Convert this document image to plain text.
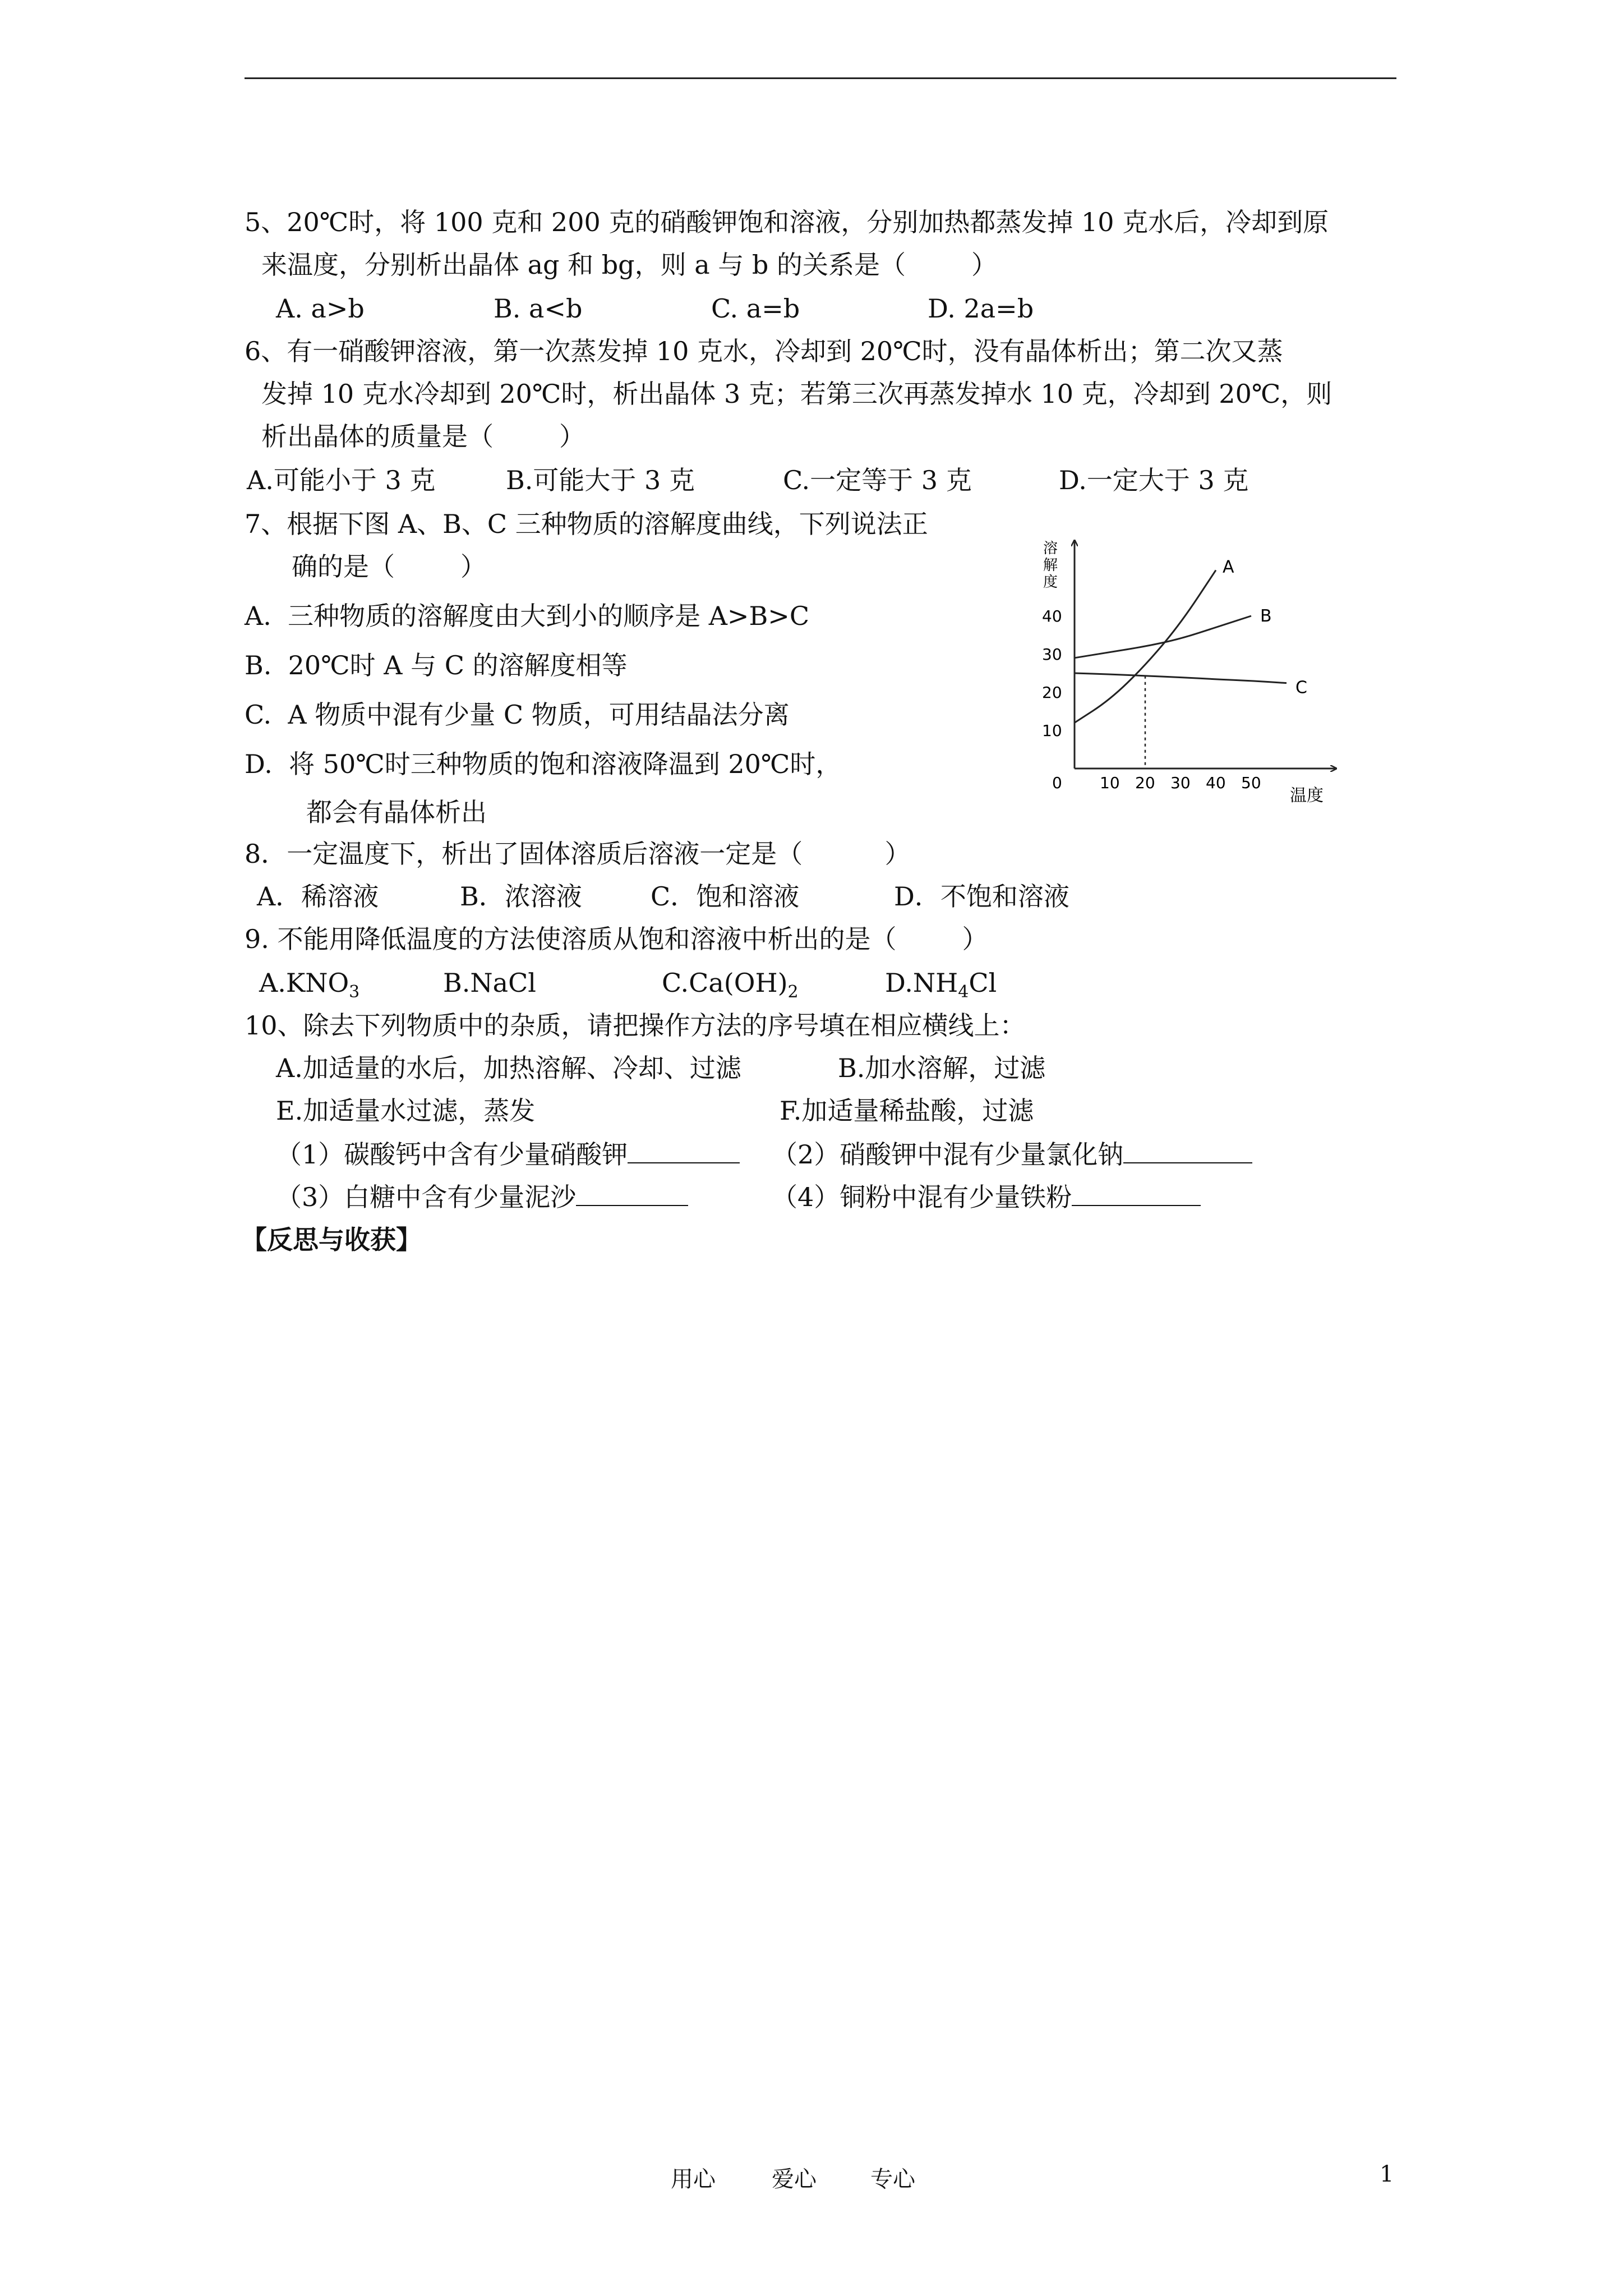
5、20℃时，将 100 克和 200 克的硝酸钾饱和溶液，分别加热都蒸发掉 10 克水后，冷却到原
来温度，分别析出晶体 ag 和 bg，则 a 与 b 的关系是（        ）
A. a>b	B. a<b	C. a=b	D. 2a=b
6、有一硝酸钾溶液，第一次蒸发掉 10 克水，冷却到 20℃时，没有晶体析出；第二次又蒸
发掉 10 克水冷却到 20℃时，析出晶体 3 克；若第三次再蒸发掉水 10 克，冷却到 20℃，则
析出晶体的质量是（        ）
A.可能小于 3 克	B.可能大于 3 克	C.一定等于 3 克	D.一定大于 3 克
7、根据下图 A、B、C 三种物质的溶解度曲线，下列说法正
确的是（        ）
A.  三种物质的溶解度由大到小的顺序是 A>B>C
B.  20℃时 A 与 C 的溶解度相等
C.  A 物质中混有少量 C 物质，可用结晶法分离
D.  将 50℃时三种物质的饱和溶液降温到 20℃时，
都会有晶体析出
溶
解
度
温度
0 10 20 30 40 50
10
20
30
40
A
B
C
8．一定温度下，析出了固体溶质后溶液一定是（          ）
A．稀溶液	B．浓溶液	C．饱和溶液	D．不饱和溶液
9. 不能用降低温度的方法使溶质从饱和溶液中析出的是（        ）
$A.KNO_3$	B.NaCl	$C.Ca(OH)_2$	$D.NH_4Cl$
10、除去下列物质中的杂质，请把操作方法的序号填在相应横线上：
A.加适量的水后，加热溶解、冷却、过滤	B.加水溶解，过滤
E.加适量水过滤，蒸发	F.加适量稀盐酸，过滤
（1）碳酸钙中含有少量硝酸钾	（2）硝酸钾中混有少量氯化钠
（3）白糖中含有少量泥沙	（4）铜粉中混有少量铁粉
【反思与收获】
用心	爱心 专心	1
